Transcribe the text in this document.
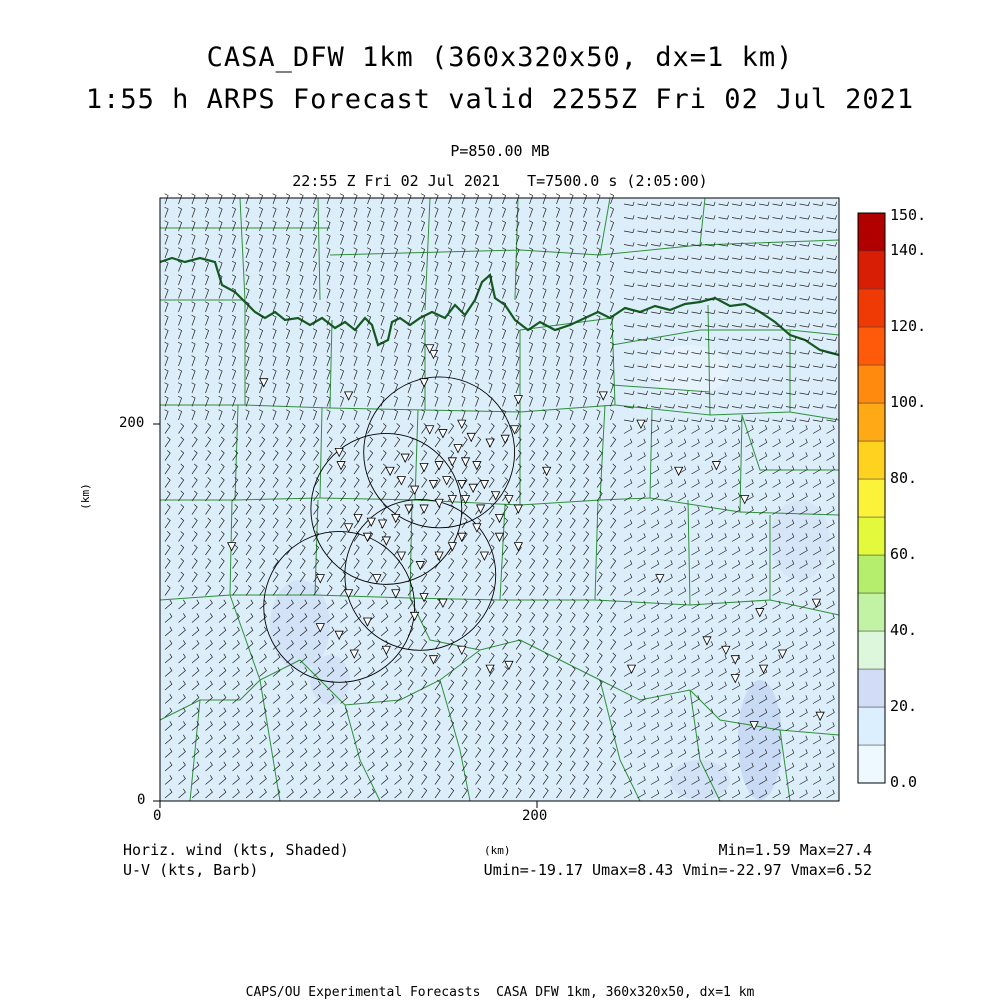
CASA_DFW 1km (360x320x50, dx=1 km)
1:55 h ARPS Forecast valid 2255Z Fri 02 Jul 2021
P=850.00 MB
22:55 Z Fri 02 Jul 2021   T=7500.0 s (2:05:00)
0	200
0
200
(km)
0.0
20.
40.
60.
80.
100.
120.
140.
150.
Horiz. wind (kts, Shaded)
U-V (kts, Barb)
(km)	Min=1.59 Max=27.4
Umin=-19.17 Umax=8.43 Vmin=-22.97 Vmax=6.52
CAPS/OU Experimental Forecasts  CASA DFW 1km, 360x320x50, dx=1 km
